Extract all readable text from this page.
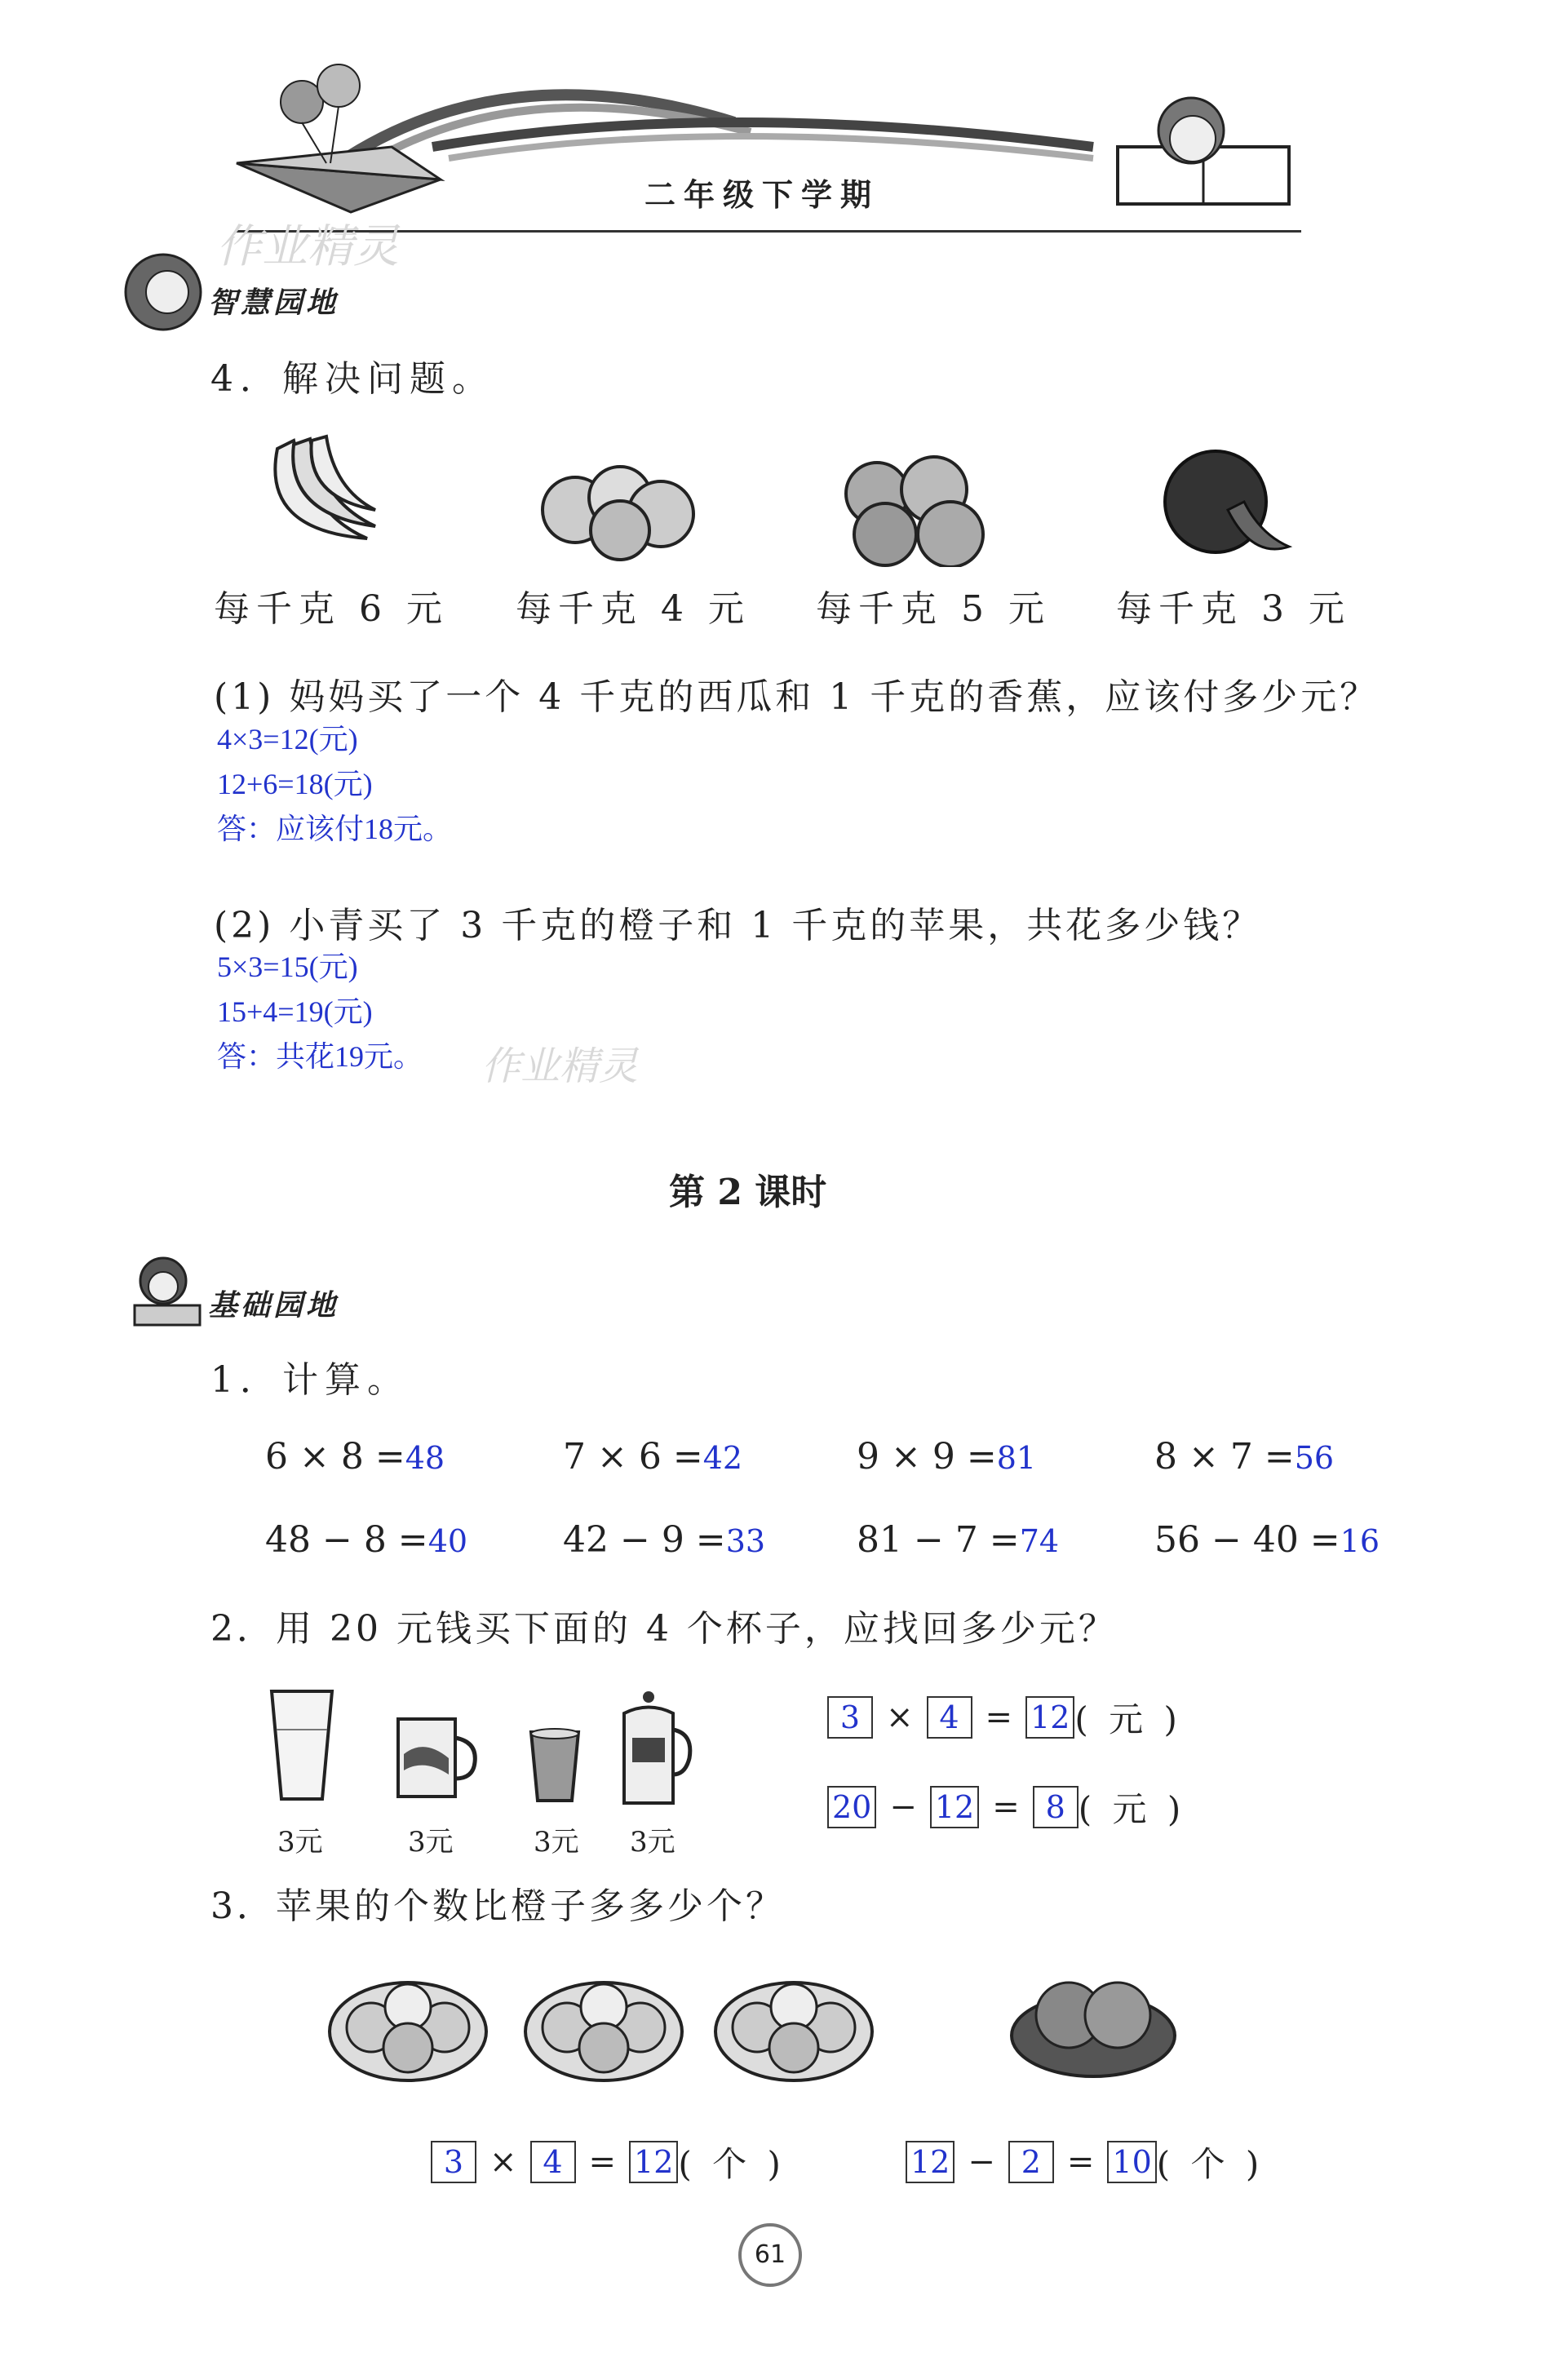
二年级下学期
作业精灵
智慧园地
4．解决问题。
每千克 6 元 每千克 4 元 每千克 5 元 每千克 3 元
(1) 妈妈买了一个 4 千克的西瓜和 1 千克的香蕉，应该付多少元？
4×3=12(元)
12+6=18(元)
答：应该付18元。
(2) 小青买了 3 千克的橙子和 1 千克的苹果，共花多少钱？
5×3=15(元)
15+4=19(元)
答：共花19元。 作业精灵
第 2 课时
基础园地
1．计算。
6 × 8 =48	7 × 6 =42	9 × 9 =81	8 × 7 =56
48 − 8 =40	42 − 9 =33	81 − 7 =74	56 − 40 =16
2．用 20 元钱买下面的 4 个杯子，应找回多少元？
3元	3元	3元 3元
3 × 4 = 12 ( 元 )
20 − 12 = 8 ( 元 )
3．苹果的个数比橙子多多少个？
3 × 4 = 12 ( 个 )	12 − 2 = 10 ( 个 )
61
